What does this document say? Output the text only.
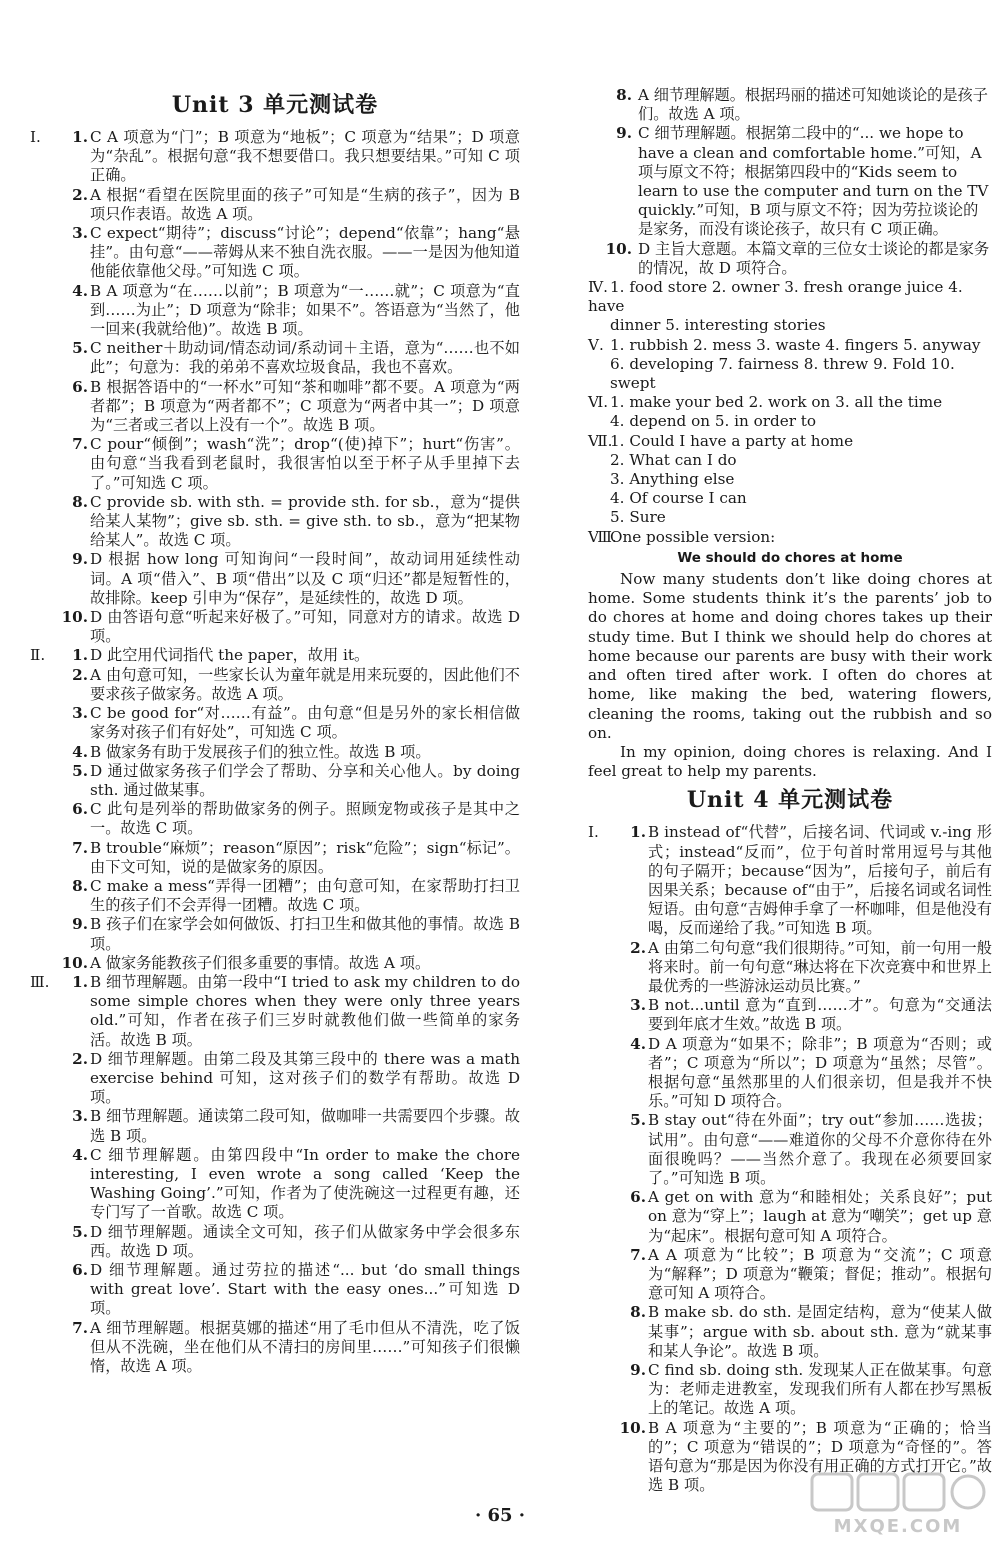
Unit 3 单元测试卷

Ⅰ.	1. C A 项意为“门”；B 项意为“地板”；C 项意为“结果”；D 项意为“杂乱”。根据句意“我不想要借口。我只想要结果。”可知 C 项正确。

2. A 根据“看望在医院里面的孩子”可知是“生病的孩子”，因为 B 项只作表语。故选 A 项。

3. C expect“期待”；discuss“讨论”；depend“依靠”；hang“悬挂”。由句意“——蒂姆从来不独自洗衣服。——一是因为他知道他能依靠他父母。”可知选 C 项。

4. B A 项意为“在……以前”；B 项意为“一……就”；C 项意为“直到……为止”；D 项意为“除非；如果不”。答语意为“当然了，他一回来(我就给他)”。故选 B 项。

5. C neither＋助动词/情态动词/系动词＋主语，意为“……也不如此”；句意为：我的弟弟不喜欢垃圾食品，我也不喜欢。

6. B 根据答语中的“一杯水”可知“茶和咖啡”都不要。A 项意为“两者都”；B 项意为“两者都不”；C 项意为“两者中其一”；D 项意为“三者或三者以上没有一个”。故选 B 项。

7. C pour“倾倒”；wash“洗”；drop“(使)掉下”；hurt“伤害”。由句意“当我看到老鼠时，我很害怕以至于杯子从手里掉下去了。”可知选 C 项。

8. C provide sb. with sth. = provide sth. for sb.，意为“提供给某人某物”；give sb. sth. = give sth. to sb.，意为“把某物给某人”。故选 C 项。

9. D 根据 how long 可知询问“一段时间”，故动词用延续性动词。A 项“借入”、B 项“借出”以及 C 项“归还”都是短暂性的，故排除。keep 引申为“保存”，是延续性的，故选 D 项。

10. D 由答语句意“听起来好极了。”可知，同意对方的请求。故选 D 项。

Ⅱ.	1. D 此空用代词指代 the paper，故用 it。

2. A 由句意可知，一些家长认为童年就是用来玩耍的，因此他们不要求孩子做家务。故选 A 项。

3. C be good for“对……有益”。由句意“但是另外的家长相信做家务对孩子们有好处”，可知选 C 项。

4. B 做家务有助于发展孩子们的独立性。故选 B 项。

5. D 通过做家务孩子们学会了帮助、分享和关心他人。by doing sth. 通过做某事。

6. C 此句是列举的帮助做家务的例子。照顾宠物或孩子是其中之一。故选 C 项。

7. B trouble“麻烦”；reason“原因”；risk“危险”；sign“标记”。由下文可知，说的是做家务的原因。

8. C make a mess“弄得一团糟”；由句意可知，在家帮助打扫卫生的孩子们不会弄得一团糟。故选 C 项。

9. B 孩子们在家学会如何做饭、打扫卫生和做其他的事情。故选 B 项。

10. A 做家务能教孩子们很多重要的事情。故选 A 项。

Ⅲ.	1. B 细节理解题。由第一段中“I tried to ask my children to do some simple chores when they were only three years old.”可知，作者在孩子们三岁时就教他们做一些简单的家务活。故选 B 项。

2. D 细节理解题。由第二段及其第三段中的 there was a math exercise behind 可知，这对孩子们的数学有帮助。故选 D 项。

3. B 细节理解题。通读第二段可知，做咖啡一共需要四个步骤。故选 B 项。

4. C 细节理解题。由第四段中“In order to make the chore interesting, I even wrote a song called ‘Keep the Washing Going’.”可知，作者为了使洗碗这一过程更有趣，还专门写了一首歌。故选 C 项。

5. D 细节理解题。通读全文可知，孩子们从做家务中学会很多东西。故选 D 项。

6. D 细节理解题。通过劳拉的描述“... but ‘do small things with great love’. Start with the easy ones...”可知选 D 项。

7. A 细节理解题。根据莫娜的描述“用了毛巾但从不清洗，吃了饭但从不洗碗，坐在他们从不清扫的房间里……”可知孩子们很懒惰，故选 A 项。

8. A 细节理解题。根据玛丽的描述可知她谈论的是孩子们。故选 A 项。

9. C 细节理解题。根据第二段中的“... we hope to have a clean and comfortable home.”可知，A 项与原文不符；根据第四段中的“Kids seem to learn to use the computer and turn on the TV quickly.”可知，B 项与原文不符；因为劳拉谈论的是家务，而没有谈论孩子，故只有 C 项正确。

10. D 主旨大意题。本篇文章的三位女士谈论的都是家务的情况，故 D 项符合。

Ⅳ. 1. food store 2. owner 3. fresh orange juice 4. have

dinner 5. interesting stories

Ⅴ. 1. rubbish 2. mess 3. waste 4. fingers 5. anyway

6. developing 7. fairness 8. threw 9. Fold 10. swept

Ⅵ. 1. make your bed 2. work on 3. all the time

4. depend on 5. in order to

Ⅶ.1. Could I have a party at home

2. What can I do

3. Anything else

4. Of course I can

5. Sure

Ⅷ.One possible version:

We should do chores at home

Now many students don’t like doing chores at home. Some students think it’s the parents’ job to do chores at home and doing chores takes up their study time. But I think we should help do chores at home because our parents are busy with their work and often tired after work. I often do chores at home, like making the bed, watering flowers, cleaning the rooms, taking out the rubbish and so on.

In my opinion, doing chores is relaxing. And I feel great to help my parents.

Unit 4 单元测试卷

Ⅰ.	1. B instead of“代替”，后接名词、代词或 v.-ing 形式；instead“反而”，位于句首时常用逗号与其他的句子隔开；because“因为”，后接句子，前后有因果关系；because of“由于”，后接名词或名词性短语。由句意“吉姆伸手拿了一杯咖啡，但是他没有喝，反而递给了我。”可知选 B 项。

2. A 由第二句句意“我们很期待。”可知，前一句用一般将来时。前一句句意“琳达将在下次竞赛中和世界上最优秀的一些游泳运动员比赛。”

3. B not...until 意为“直到……才”。句意为“交通法要到年底才生效。”故选 B 项。

4. D A 项意为“如果不；除非”；B 项意为“否则；或者”；C 项意为“所以”；D 项意为“虽然；尽管”。根据句意“虽然那里的人们很亲切，但是我并不快乐。”可知 D 项符合。

5. B stay out“待在外面”；try out“参加……选拔；试用”。由句意“——难道你的父母不介意你待在外面很晚吗？——当然介意了。我现在必须要回家了。”可知选 B 项。

6. A get on with 意为“和睦相处；关系良好”；put on 意为“穿上”；laugh at 意为“嘲笑”；get up 意为“起床”。根据句意可知 A 项符合。

7. A A 项意为“比较”；B 项意为“交流”；C 项意为“解释”；D 项意为“鞭策；督促；推动”。根据句意可知 A 项符合。

8. B make sb. do sth. 是固定结构，意为“使某人做某事”；argue with sb. about sth. 意为“就某事和某人争论”。故选 B 项。

9. C find sb. doing sth. 发现某人正在做某事。句意为：老师走进教室，发现我们所有人都在抄写黑板上的笔记。故选 A 项。

10. B A 项意为“主要的”；B 项意为“正确的；恰当的”；C 项意为“错误的”；D 项意为“奇怪的”。答语句意为“那是因为你没有用正确的方式打开它。”故选 B 项。

· 65 ·
MXQE.COM
